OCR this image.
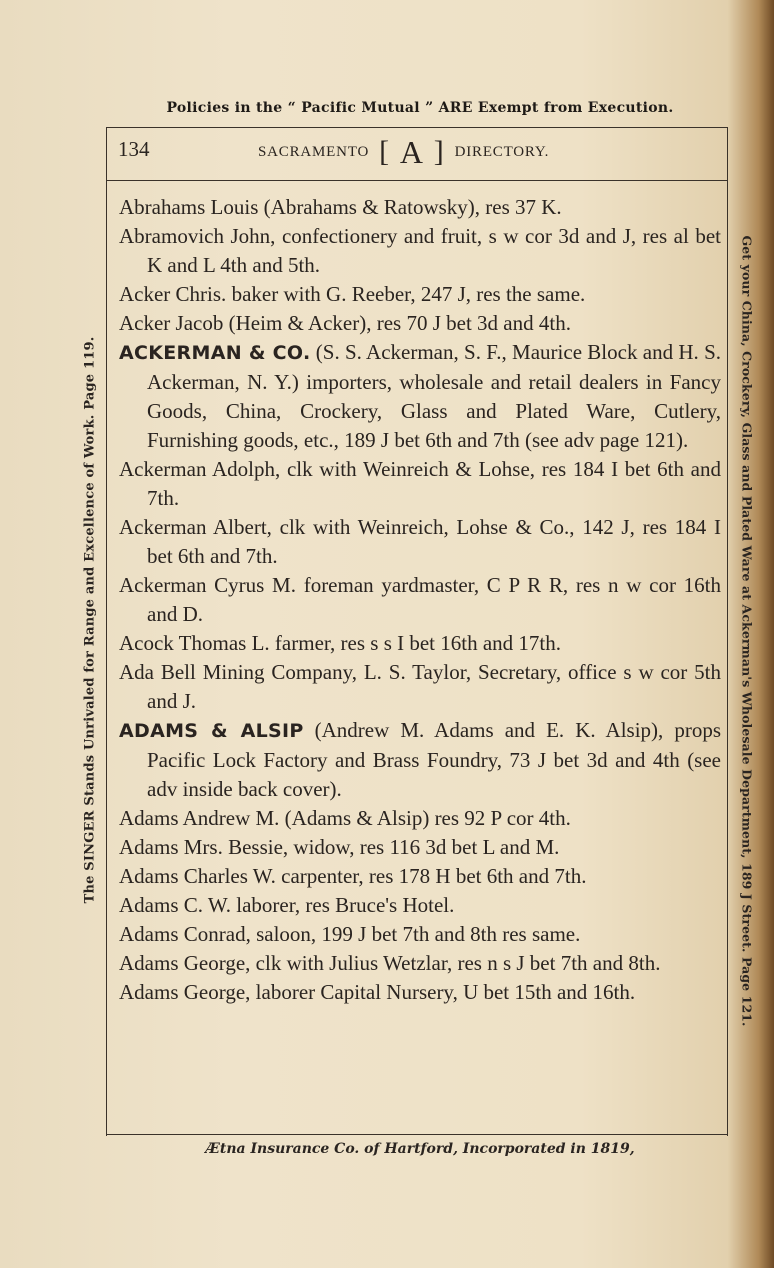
Policies in the “ Pacific Mutual ” ARE Exempt from Execution.
134	SACRAMENTO [ A ] DIRECTORY.

Abrahams Louis (Abrahams & Ratowsky), res 37 K.

Abramovich John, confectionery and fruit, s w cor 3d and J, res al bet K and L 4th and 5th.

Acker Chris. baker with G. Reeber, 247 J, res the same.

Acker Jacob (Heim & Acker), res 70 J bet 3d and 4th.

ACKERMAN & CO. (S. S. Ackerman, S. F., Maurice Block and H. S. Ackerman, N. Y.) importers, wholesale and retail dealers in Fancy Goods, China, Crockery, Glass and Plated Ware, Cutlery, Furnishing goods, etc., 189 J bet 6th and 7th (see adv page 121).

Ackerman Adolph, clk with Weinreich & Lohse, res 184 I bet 6th and 7th.

Ackerman Albert, clk with Weinreich, Lohse & Co., 142 J, res 184 I bet 6th and 7th.

Ackerman Cyrus M. foreman yardmaster, C P R R, res n w cor 16th and D.

Acock Thomas L. farmer, res s s I bet 16th and 17th.

Ada Bell Mining Company, L. S. Taylor, Secretary, office s w cor 5th and J.

ADAMS & ALSIP (Andrew M. Adams and E. K. Alsip), props Pacific Lock Factory and Brass Foundry, 73 J bet 3d and 4th (see adv inside back cover).

Adams Andrew M. (Adams & Alsip) res 92 P cor 4th.

Adams Mrs. Bessie, widow, res 116 3d bet L and M.

Adams Charles W. carpenter, res 178 H bet 6th and 7th.

Adams C. W. laborer, res Bruce's Hotel.

Adams Conrad, saloon, 199 J bet 7th and 8th res same.

Adams George, clk with Julius Wetzlar, res n s J bet 7th and 8th.

Adams George, laborer Capital Nursery, U bet 15th and 16th.

Ætna Insurance Co. of Hartford, Incorporated in 1819,
The SINGER Stands Unrivaled for Range and Excellence of Work. Page 119.	Get your China, Crockery, Glass and Plated Ware at Ackerman's Wholesale Department, 189 J Street. Page 121.
